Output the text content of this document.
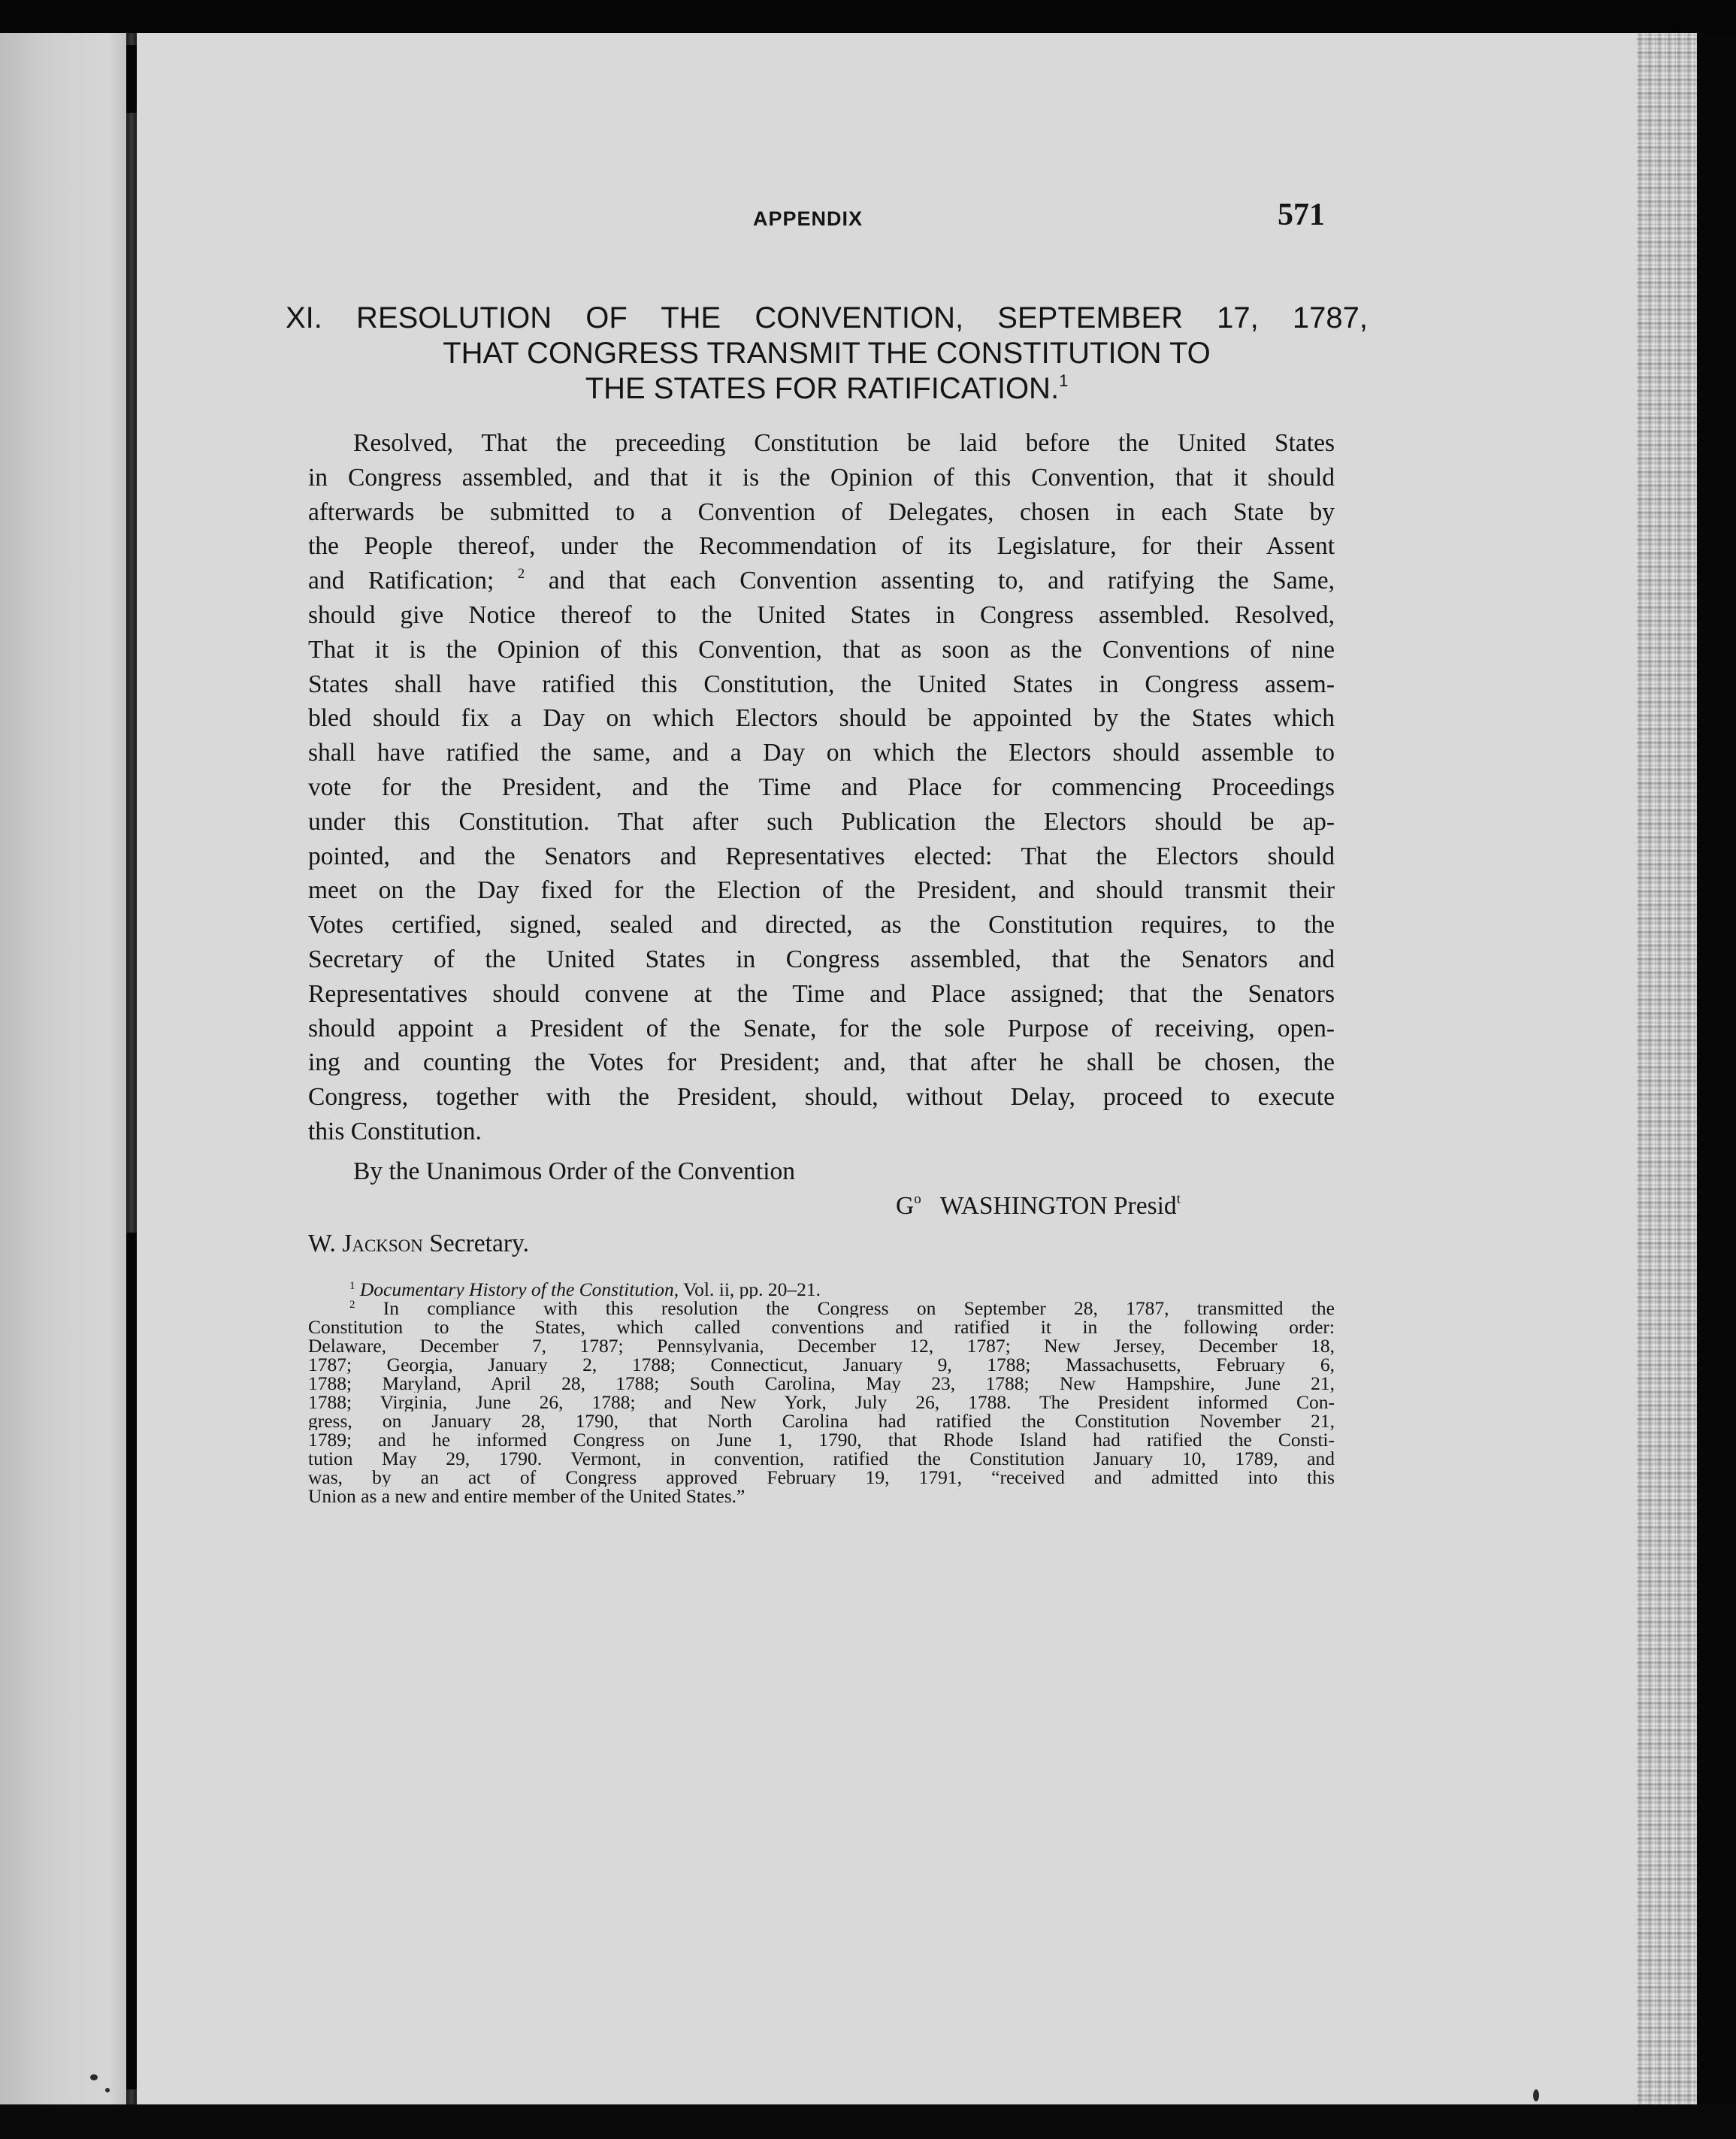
APPENDIX	571
XI. RESOLUTION OF THE CONVENTION, SEPTEMBER 17, 1787,
THAT CONGRESS TRANSMIT THE CONSTITUTION TO
THE STATES FOR RATIFICATION.$^1$
Resolved, That the preceeding Constitution be laid before the United States
in Congress assembled, and that it is the Opinion of this Convention, that it should
afterwards be submitted to a Convention of Delegates, chosen in each State by
the People thereof, under the Recommendation of its Legislature, for their Assent
and Ratification; $^2$ and that each Convention assenting to, and ratifying the Same,
should give Notice thereof to the United States in Congress assembled. Resolved,
That it is the Opinion of this Convention, that as soon as the Conventions of nine
States shall have ratified this Constitution, the United States in Congress assem-
bled should fix a Day on which Electors should be appointed by the States which
shall have ratified the same, and a Day on which the Electors should assemble to
vote for the President, and the Time and Place for commencing Proceedings
under this Constitution. That after such Publication the Electors should be ap-
pointed, and the Senators and Representatives elected: That the Electors should
meet on the Day fixed for the Election of the President, and should transmit their
Votes certified, signed, sealed and directed, as the Constitution requires, to the
Secretary of the United States in Congress assembled, that the Senators and
Representatives should convene at the Time and Place assigned; that the Senators
should appoint a President of the Senate, for the sole Purpose of receiving, open-
ing and counting the Votes for President; and, that after he shall be chosen, the
Congress, together with the President, should, without Delay, proceed to execute
this Constitution.
By the Unanimous Order of the Convention
$G^o$ WASHINGTON Presid$^t$
W. Jackson Secretary.
$^1$ Documentary History of the Constitution, Vol. ii, pp. 20–21.
$^2$ In compliance with this resolution the Congress on September 28, 1787, transmitted the
Constitution to the States, which called conventions and ratified it in the following order:
Delaware, December 7, 1787; Pennsylvania, December 12, 1787; New Jersey, December 18,
1787; Georgia, January 2, 1788; Connecticut, January 9, 1788; Massachusetts, February 6,
1788; Maryland, April 28, 1788; South Carolina, May 23, 1788; New Hampshire, June 21,
1788; Virginia, June 26, 1788; and New York, July 26, 1788. The President informed Con-
gress, on January 28, 1790, that North Carolina had ratified the Constitution November 21,
1789; and he informed Congress on June 1, 1790, that Rhode Island had ratified the Consti-
tution May 29, 1790. Vermont, in convention, ratified the Constitution January 10, 1789, and
was, by an act of Congress approved February 19, 1791, “received and admitted into this
Union as a new and entire member of the United States.”
